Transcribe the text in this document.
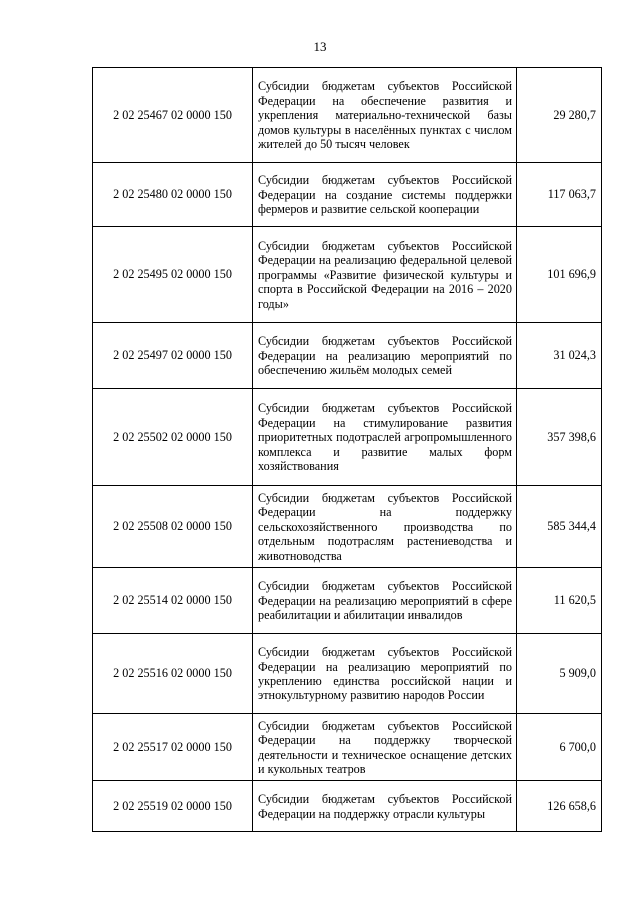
13
2 02 25467 02 0000 150	Субсидии бюджетам субъектов Российской Федерации на обеспечение развития и укрепления материально-технической базы домов культуры в населённых пунктах с числом жителей до 50 тысяч человек	29 280,7
2 02 25480 02 0000 150	Субсидии бюджетам субъектов Российской Федерации на создание системы поддержки фермеров и развитие сельской кооперации	117 063,7
2 02 25495 02 0000 150	Субсидии бюджетам субъектов Российской Федерации на реализацию федеральной целевой программы «Развитие физической культуры и спорта в Российской Федерации на 2016 – 2020 годы»	101 696,9
2 02 25497 02 0000 150	Субсидии бюджетам субъектов Российской Федерации на реализацию мероприятий по обеспечению жильём молодых семей	31 024,3
2 02 25502 02 0000 150	Субсидии бюджетам субъектов Российской Федерации на стимулирование развития приоритетных подотраслей агропромышленного комплекса и развитие малых форм хозяйствования	357 398,6
2 02 25508 02 0000 150	Субсидии бюджетам субъектов Российской Федерации на поддержку сельскохозяйственного производства по отдельным подотраслям растениеводства и животноводства	585 344,4
2 02 25514 02 0000 150	Субсидии бюджетам субъектов Российской Федерации на реализацию мероприятий в сфере реабилитации и абилитации инвалидов	11 620,5
2 02 25516 02 0000 150	Субсидии бюджетам субъектов Российской Федерации на реализацию мероприятий по укреплению единства российской нации и этнокультурному развитию народов России	5 909,0
2 02 25517 02 0000 150	Субсидии бюджетам субъектов Российской Федерации на поддержку творческой деятельности и техническое оснащение детских и кукольных театров	6 700,0
2 02 25519 02 0000 150	Субсидии бюджетам субъектов Российской Федерации на поддержку отрасли культуры	126 658,6
